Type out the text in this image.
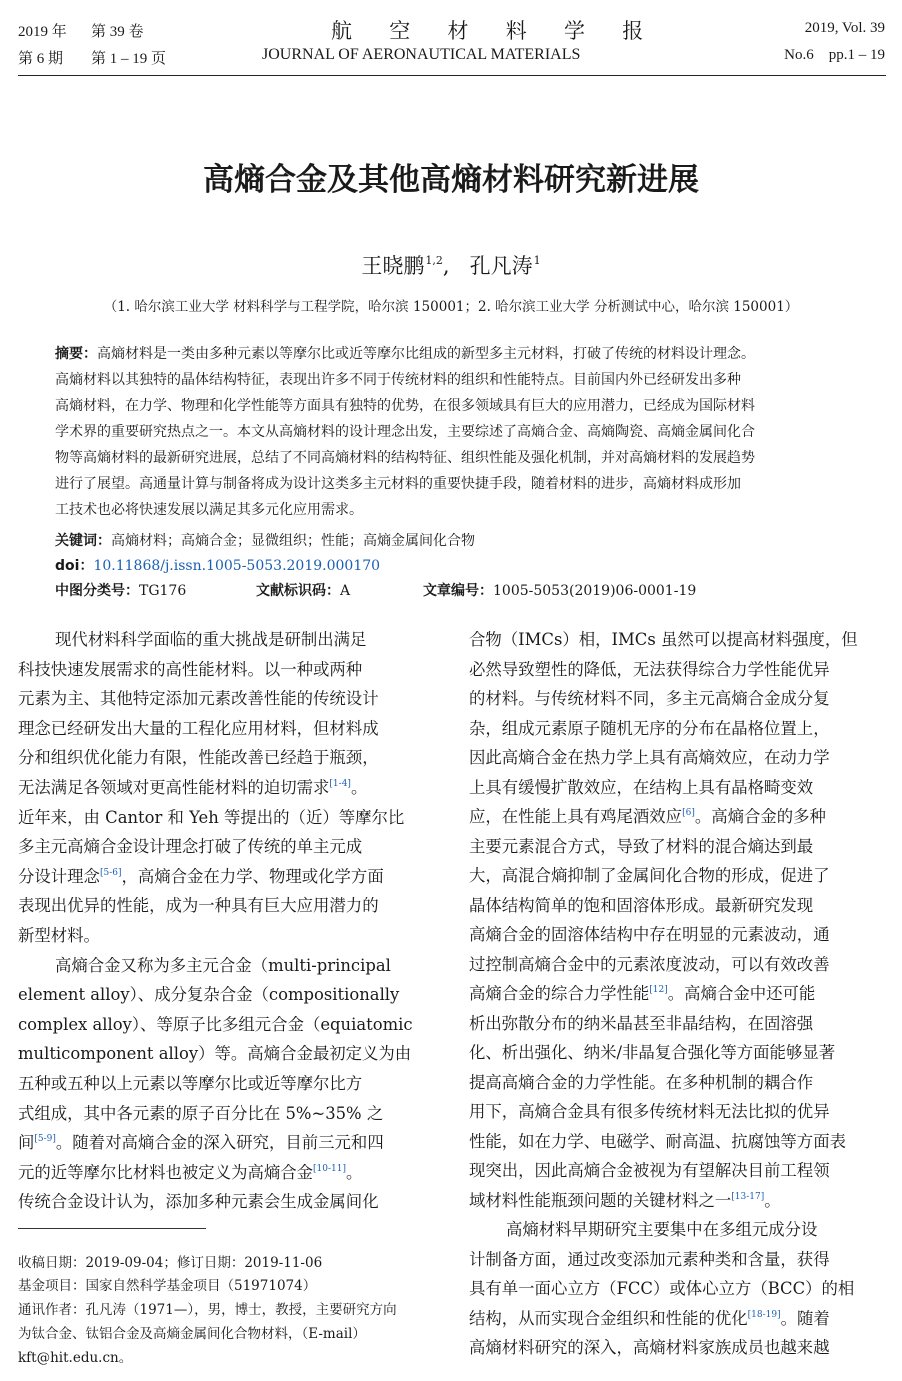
2019 年 第 39 卷
第 6 期 第 1 – 19 页
航 空 材 料 学 报
JOURNAL OF AERONAUTICAL MATERIALS
2019, Vol. 39
No.6    pp.1 – 19
高熵合金及其他高熵材料研究新进展
王晓鹏$^{1,2}$, 孔凡涛$^1$
（1. 哈尔滨工业大学 材料科学与工程学院，哈尔滨 150001；2. 哈尔滨工业大学 分析测试中心，哈尔滨 150001）
摘要：高熵材料是一类由多种元素以等摩尔比或近等摩尔比组成的新型多主元材料，打破了传统的材料设计理念。
高熵材料以其独特的晶体结构特征，表现出许多不同于传统材料的组织和性能特点。目前国内外已经研发出多种
高熵材料，在力学、物理和化学性能等方面具有独特的优势，在很多领域具有巨大的应用潜力，已经成为国际材料
学术界的重要研究热点之一。本文从高熵材料的设计理念出发，主要综述了高熵合金、高熵陶瓷、高熵金属间化合
物等高熵材料的最新研究进展，总结了不同高熵材料的结构特征、组织性能及强化机制，并对高熵材料的发展趋势
进行了展望。高通量计算与制备将成为设计这类多主元材料的重要快捷手段，随着材料的进步，高熵材料成形加
工技术也必将快速发展以满足其多元化应用需求。
关键词：高熵材料；高熵合金；显微组织；性能；高熵金属间化合物
doi：10.11868/j.issn.1005-5053.2019.000170
中图分类号：TG176	文献标识码：A	文章编号：1005-5053(2019)06-0001-19
现代材料科学面临的重大挑战是研制出满足
科技快速发展需求的高性能材料。以一种或两种
元素为主、其他特定添加元素改善性能的传统设计
理念已经研发出大量的工程化应用材料，但材料成
分和组织优化能力有限，性能改善已经趋于瓶颈，
无法满足各领域对更高性能材料的迫切需求[1-4]。
近年来，由 Cantor 和 Yeh 等提出的（近）等摩尔比
多主元高熵合金设计理念打破了传统的单主元成
分设计理念[5-6]，高熵合金在力学、物理或化学方面
表现出优异的性能，成为一种具有巨大应用潜力的
新型材料。
高熵合金又称为多主元合金（multi-principal
element alloy）、成分复杂合金（compositionally
complex alloy）、等原子比多组元合金（equiatomic
multicomponent alloy）等。高熵合金最初定义为由
五种或五种以上元素以等摩尔比或近等摩尔比方
式组成，其中各元素的原子百分比在 5%~35% 之
间[5-9]。随着对高熵合金的深入研究，目前三元和四
元的近等摩尔比材料也被定义为高熵合金[10-11]。
传统合金设计认为，添加多种元素会生成金属间化
合物（IMCs）相，IMCs 虽然可以提高材料强度，但
必然导致塑性的降低，无法获得综合力学性能优异
的材料。与传统材料不同，多主元高熵合金成分复
杂，组成元素原子随机无序的分布在晶格位置上，
因此高熵合金在热力学上具有高熵效应，在动力学
上具有缓慢扩散效应，在结构上具有晶格畸变效
应，在性能上具有鸡尾酒效应[6]。高熵合金的多种
主要元素混合方式，导致了材料的混合熵达到最
大，高混合熵抑制了金属间化合物的形成，促进了
晶体结构简单的饱和固溶体形成。最新研究发现
高熵合金的固溶体结构中存在明显的元素波动，通
过控制高熵合金中的元素浓度波动，可以有效改善
高熵合金的综合力学性能[12]。高熵合金中还可能
析出弥散分布的纳米晶甚至非晶结构，在固溶强
化、析出强化、纳米/非晶复合强化等方面能够显著
提高高熵合金的力学性能。在多种机制的耦合作
用下，高熵合金具有很多传统材料无法比拟的优异
性能，如在力学、电磁学、耐高温、抗腐蚀等方面表
现突出，因此高熵合金被视为有望解决目前工程领
域材料性能瓶颈问题的关键材料之一[13-17]。
高熵材料早期研究主要集中在多组元成分设
计制备方面，通过改变添加元素种类和含量，获得
具有单一面心立方（FCC）或体心立方（BCC）的相
结构，从而实现合金组织和性能的优化[18-19]。随着
高熵材料研究的深入，高熵材料家族成员也越来越
收稿日期：2019-09-04；修订日期：2019-11-06
基金项目：国家自然科学基金项目（51971074）
通讯作者：孔凡涛（1971—），男，博士，教授，主要研究方向
为钛合金、钛铝合金及高熵金属间化合物材料，（E-mail）
kft@hit.edu.cn。
